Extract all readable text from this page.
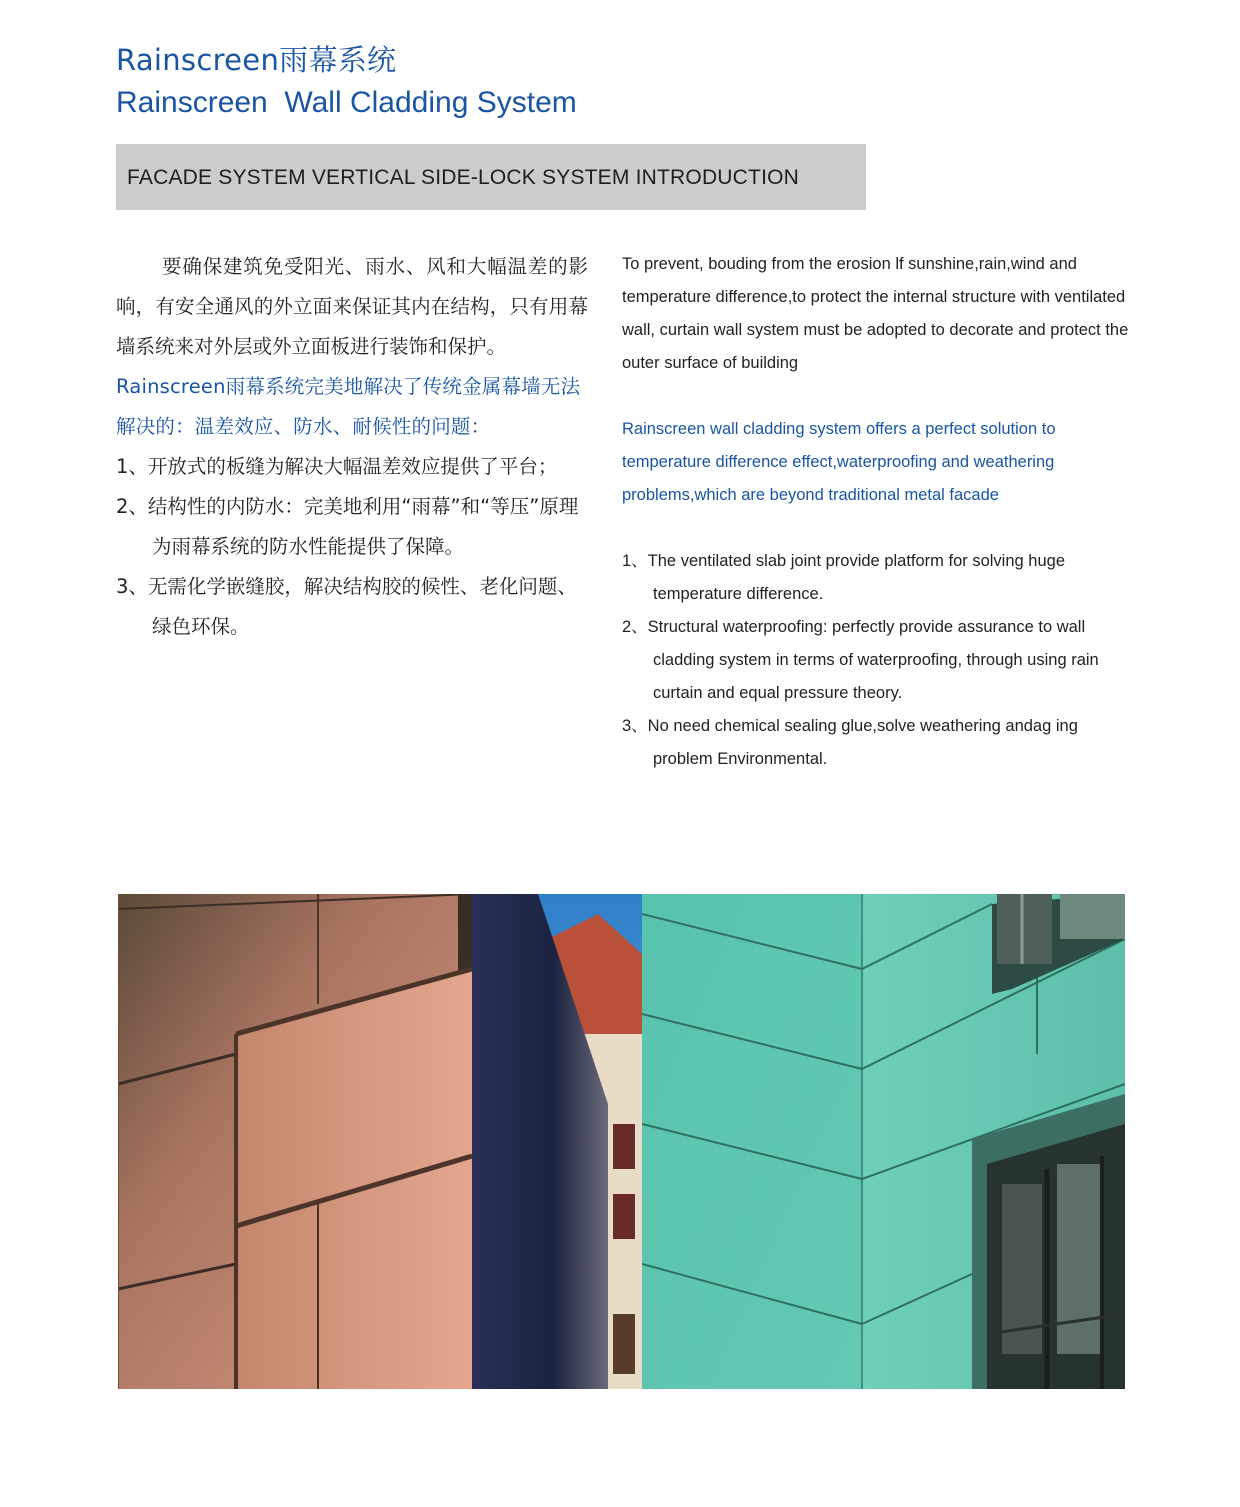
Rainscreen雨幕系统
Rainscreen  Wall Cladding System
FACADE SYSTEM VERTICAL SIDE-LOCK SYSTEM INTRODUCTION

要确保建筑免受阳光、雨水、风和大幅温差的影响，有安全通风的外立面来保证其内在结构，只有用幕墙系统来对外层或外立面板进行装饰和保护。

Rainscreen雨幕系统完美地解决了传统金属幕墙无法解决的：温差效应、防水、耐候性的问题：

1、开放式的板缝为解决大幅温差效应提供了平台；

2、结构性的内防水：完美地利用“雨幕”和“等压”原理为雨幕系统的防水性能提供了保障。

3、无需化学嵌缝胶，解决结构胶的候性、老化问题、绿色环保。

To prevent, bouding from the erosion lf sunshine,rain,wind and temperature difference,to protect the internal structure with ventilated wall, curtain wall system must be adopted to decorate and protect the outer surface of building

Rainscreen wall cladding system offers a perfect solution to temperature difference effect,waterproofing and weathering problems,which are beyond traditional metal facade

1、The ventilated slab joint provide platform for solving huge temperature difference.

2、Structural waterproofing: perfectly provide assurance to wall cladding system in terms of waterproofing, through using rain curtain and equal pressure theory.

3、No need chemical sealing glue,solve weathering andag ing problem Environmental.
